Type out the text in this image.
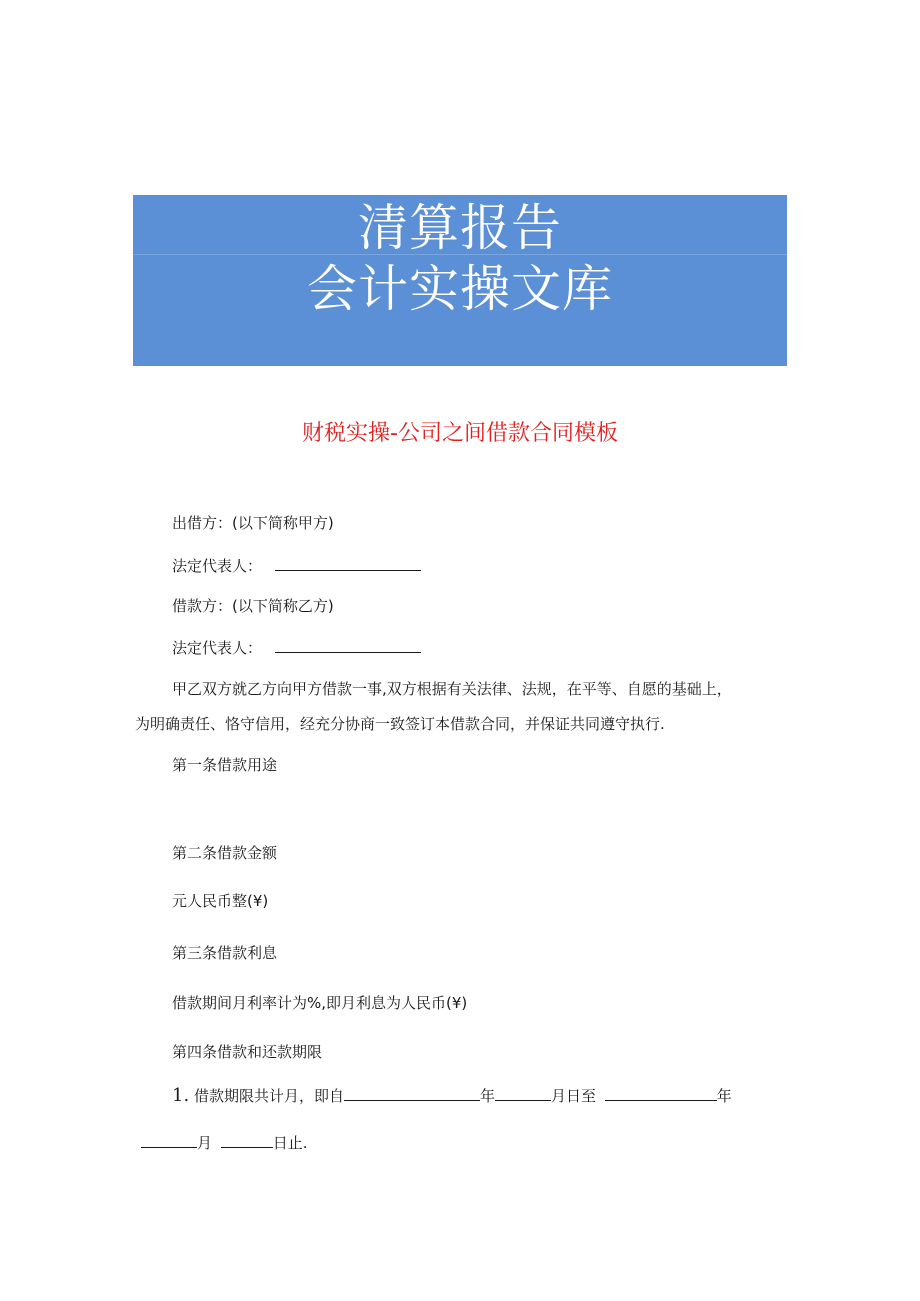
清算报告
会计实操文库
财税实操-公司之间借款合同模板
出借方：(以下简称甲方)
法定代表人：
借款方：(以下简称乙方)
法定代表人：
甲乙双方就乙方向甲方借款一事,双方根据有关法律、法规，在平等、自愿的基础上，
为明确责任、恪守信用，经充分协商一致签订本借款合同，并保证共同遵守执行.
第一条借款用途
第二条借款金额
元人民币整(¥)
第三条借款利息
借款期间月利率计为%,即月利息为人民币(¥)
第四条借款和还款期限
1. 借款期限共计月，即自	年	月日至	年
月	日止.
